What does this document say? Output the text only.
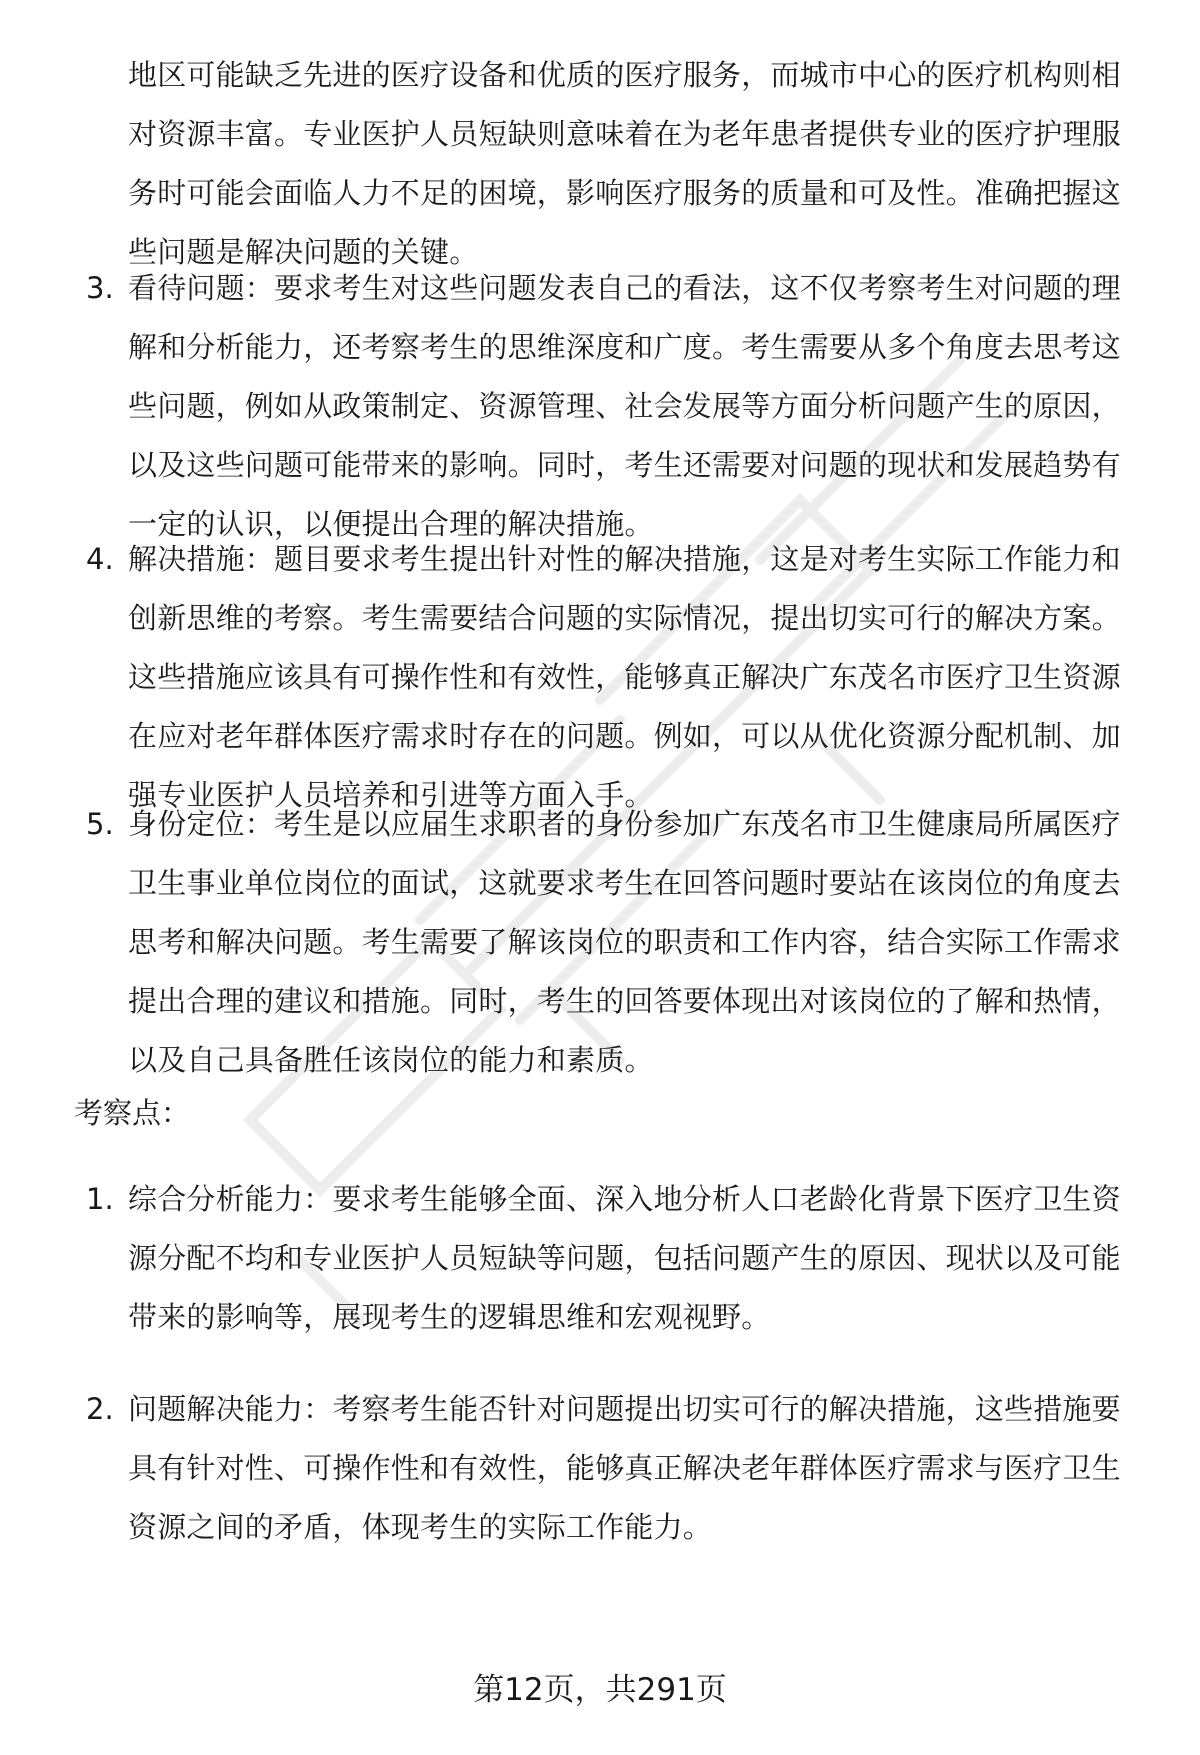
地区可能缺乏先进的医疗设备和优质的医疗服务，而城市中心的医疗机构则相对资源丰富。专业医护人员短缺则意味着在为老年患者提供专业的医疗护理服务时可能会面临人力不足的困境，影响医疗服务的质量和可及性。准确把握这些问题是解决问题的关键。

3. 看待问题：要求考生对这些问题发表自己的看法，这不仅考察考生对问题的理解和分析能力，还考察考生的思维深度和广度。考生需要从多个角度去思考这些问题，例如从政策制定、资源管理、社会发展等方面分析问题产生的原因，以及这些问题可能带来的影响。同时，考生还需要对问题的现状和发展趋势有一定的认识，以便提出合理的解决措施。

4. 解决措施：题目要求考生提出针对性的解决措施，这是对考生实际工作能力和创新思维的考察。考生需要结合问题的实际情况，提出切实可行的解决方案。这些措施应该具有可操作性和有效性，能够真正解决广东茂名市医疗卫生资源在应对老年群体医疗需求时存在的问题。例如，可以从优化资源分配机制、加强专业医护人员培养和引进等方面入手。

5. 身份定位：考生是以应届生求职者的身份参加广东茂名市卫生健康局所属医疗卫生事业单位岗位的面试，这就要求考生在回答问题时要站在该岗位的角度去思考和解决问题。考生需要了解该岗位的职责和工作内容，结合实际工作需求提出合理的建议和措施。同时，考生的回答要体现出对该岗位的了解和热情，以及自己具备胜任该岗位的能力和素质。

考察点：
1. 综合分析能力：要求考生能够全面、深入地分析人口老龄化背景下医疗卫生资源分配不均和专业医护人员短缺等问题，包括问题产生的原因、现状以及可能带来的影响等，展现考生的逻辑思维和宏观视野。

2. 问题解决能力：考察考生能否针对问题提出切实可行的解决措施，这些措施要具有针对性、可操作性和有效性，能够真正解决老年群体医疗需求与医疗卫生资源之间的矛盾，体现考生的实际工作能力。

第12页，共291页
